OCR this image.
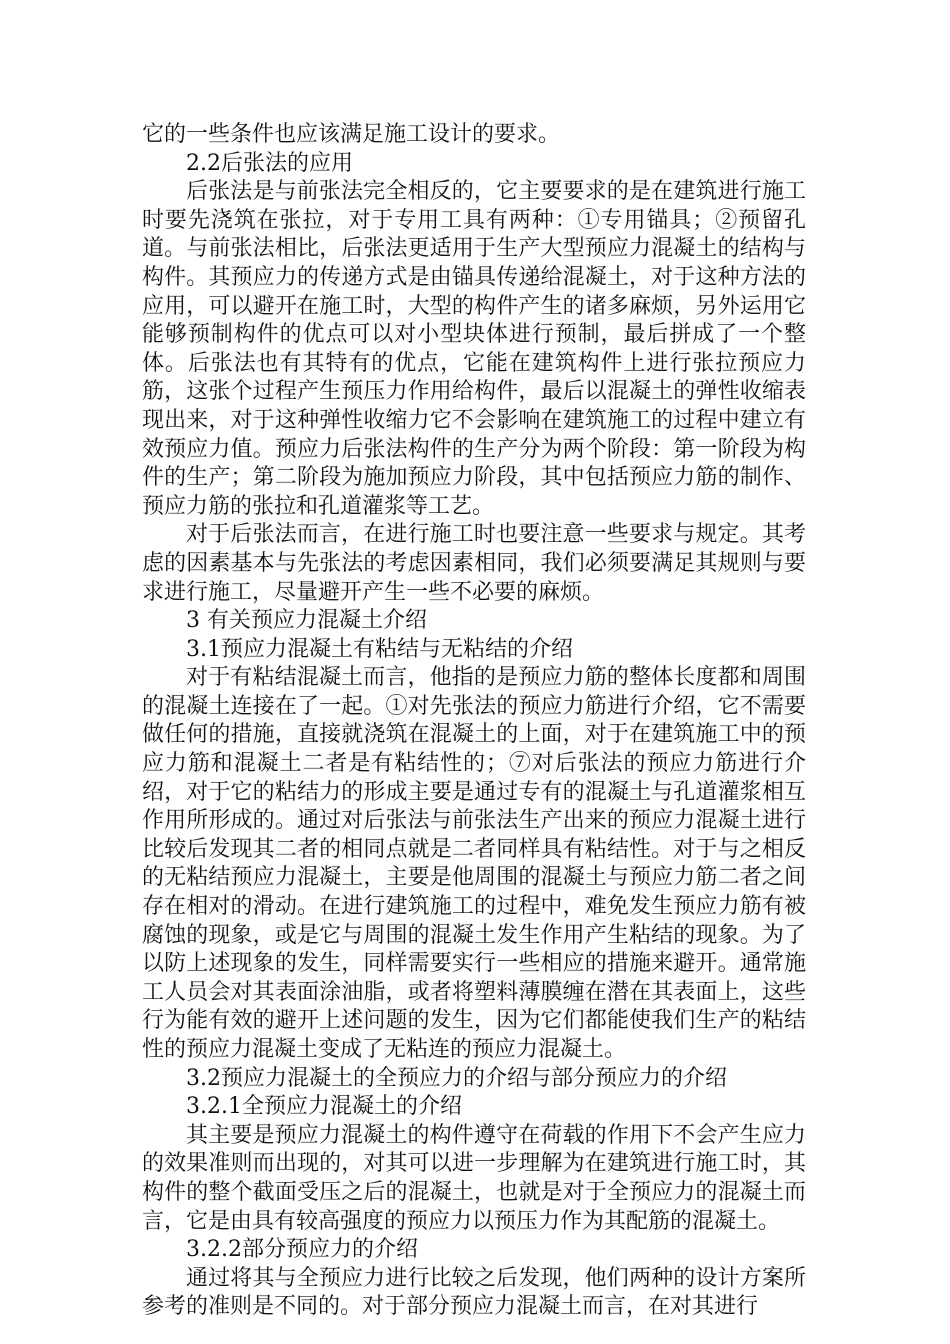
它的一些条件也应该满足施工设计的要求。

2.2后张法的应用

后张法是与前张法完全相反的，它主要要求的是在建筑进行施工时要先浇筑在张拉，对于专用工具有两种：①专用锚具；②预留孔道。与前张法相比，后张法更适用于生产大型预应力混凝土的结构与构件。其预应力的传递方式是由锚具传递给混凝土，对于这种方法的应用，可以避开在施工时，大型的构件产生的诸多麻烦，另外运用它能够预制构件的优点可以对小型块体进行预制，最后拼成了一个整体。后张法也有其特有的优点，它能在建筑构件上进行张拉预应力筋，这张个过程产生预压力作用给构件，最后以混凝土的弹性收缩表现出来，对于这种弹性收缩力它不会影响在建筑施工的过程中建立有效预应力值。预应力后张法构件的生产分为两个阶段：第一阶段为构件的生产；第二阶段为施加预应力阶段，其中包括预应力筋的制作、预应力筋的张拉和孔道灌浆等工艺。

对于后张法而言，在进行施工时也要注意一些要求与规定。其考虑的因素基本与先张法的考虑因素相同，我们必须要满足其规则与要求进行施工，尽量避开产生一些不必要的麻烦。

3 有关预应力混凝土介绍

3.1预应力混凝土有粘结与无粘结的介绍

对于有粘结混凝土而言，他指的是预应力筋的整体长度都和周围的混凝土连接在了一起。①对先张法的预应力筋进行介绍，它不需要做任何的措施，直接就浇筑在混凝土的上面，对于在建筑施工中的预应力筋和混凝土二者是有粘结性的；⑦对后张法的预应力筋进行介绍，对于它的粘结力的形成主要是通过专有的混凝土与孔道灌浆相互作用所形成的。通过对后张法与前张法生产出来的预应力混凝土进行比较后发现其二者的相同点就是二者同样具有粘结性。对于与之相反的无粘结预应力混凝土，主要是他周围的混凝土与预应力筋二者之间存在相对的滑动。在进行建筑施工的过程中，难免发生预应力筋有被腐蚀的现象，或是它与周围的混凝土发生作用产生粘结的现象。为了以防上述现象的发生，同样需要实行一些相应的措施来避开。通常施工人员会对其表面涂油脂，或者将塑料薄膜缠在潜在其表面上，这些行为能有效的避开上述问题的发生，因为它们都能使我们生产的粘结性的预应力混凝土变成了无粘连的预应力混凝土。

3.2预应力混凝土的全预应力的介绍与部分预应力的介绍

3.2.1全预应力混凝土的介绍

其主要是预应力混凝土的构件遵守在荷载的作用下不会产生应力的效果准则而出现的，对其可以进一步理解为在建筑进行施工时，其构件的整个截面受压之后的混凝土，也就是对于全预应力的混凝土而言，它是由具有较高强度的预应力以预压力作为其配筋的混凝土。

3.2.2部分预应力的介绍

通过将其与全预应力进行比较之后发现，他们两种的设计方案所参考的准则是不同的。对于部分预应力混凝土而言，在对其进行
